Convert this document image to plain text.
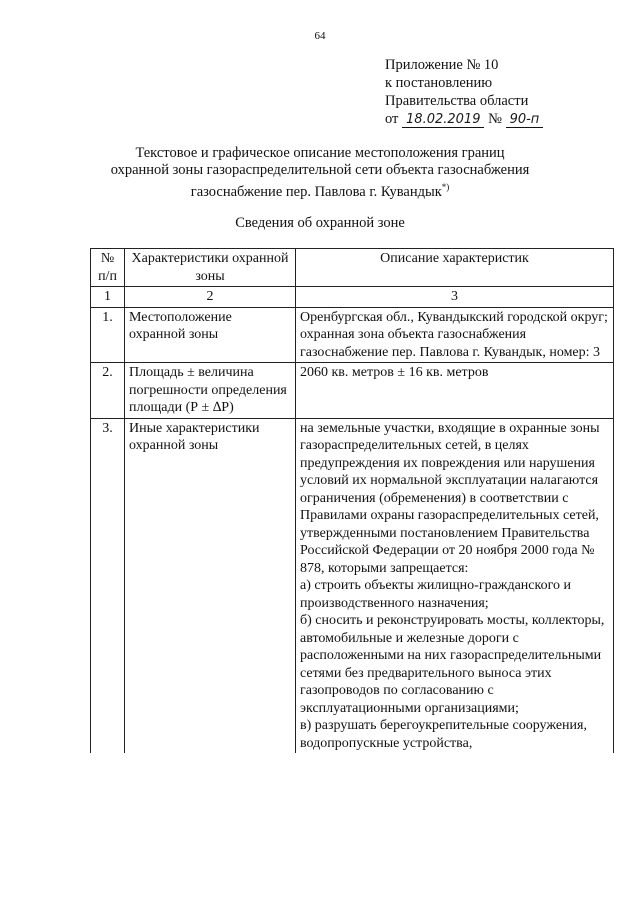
64
Приложение № 10
к постановлению
Правительства области
от 18.02.2019 № 90-п
Текстовое и графическое описание местоположения границ
охранной зоны газораспределительной сети объекта газоснабжения
газоснабжение пер. Павлова г. Кувандык*)
Сведения об охранной зоне
№ п/п	Характеристики охранной зоны	Описание характеристик
1	2	3
1.	Местоположение охранной зоны	Оренбургская обл., Кувандыкский городской округ; охранная зона объекта газоснабжения газоснабжение пер. Павлова г. Кувандык, номер: 3
2.	Площадь ± величина погрешности определения площади (Р ± ∆Р)	2060 кв. метров ± 16 кв. метров
3.	Иные характеристики охранной зоны	на земельные участки, входящие в охранные зоны газораспределительных сетей, в целях предупреждения их повреждения или нарушения условий их нормальной эксплуатации налагаются ограничения (обременения) в соответствии с Правилами охраны газораспределительных сетей, утвержденными постановлением Правительства Российской Федерации от 20 ноября 2000 года № 878, которыми запрещается:
а) строить объекты жилищно-гражданского и производственного назначения;
б) сносить и реконструировать мосты, коллекторы, автомобильные и железные дороги с расположенными на них газораспределительными сетями без предварительного выноса этих газопроводов по согласованию с эксплуатационными организациями;
в) разрушать берегоукрепительные сооружения, водопропускные устройства,
